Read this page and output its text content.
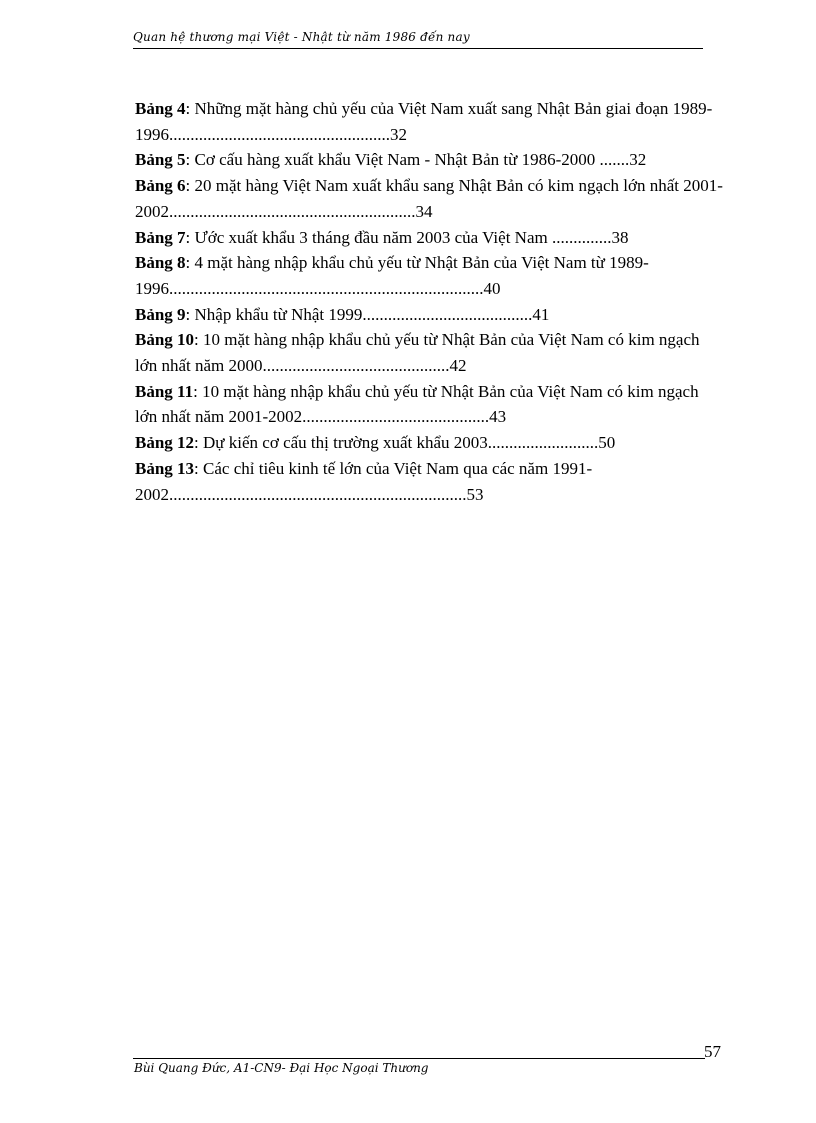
Quan hệ thương mại Việt - Nhật từ năm 1986 đến nay

Bảng 4: Những mặt hàng chủ yếu của Việt Nam xuất sang Nhật Bản giai đoạn 1989-1996....................................................32

Bảng 5: Cơ cấu hàng xuất khẩu Việt Nam - Nhật Bản từ 1986-2000 .......32

Bảng 6: 20 mặt hàng Việt Nam xuất khẩu sang Nhật Bản có kim ngạch lớn nhất 2001-2002..........................................................34

Bảng 7: Ước xuất khẩu 3 tháng đầu năm 2003 của Việt Nam ..............38

Bảng 8: 4 mặt hàng nhập khẩu chủ yếu từ Nhật Bản của Việt Nam từ 1989-1996..........................................................................40

Bảng 9: Nhập khẩu từ Nhật 1999........................................41

Bảng 10: 10 mặt hàng nhập khẩu chủ yếu từ Nhật Bản của Việt Nam có kim ngạch lớn nhất năm 2000............................................42

Bảng 11: 10 mặt hàng nhập khẩu chủ yếu từ Nhật Bản của Việt Nam có kim ngạch lớn nhất năm 2001-2002............................................43

Bảng 12: Dự kiến cơ cấu thị trường xuất khẩu 2003..........................50

Bảng 13: Các chỉ tiêu kinh tế lớn của Việt Nam qua các năm 1991-2002......................................................................53

57
Bùi Quang Đức, A1-CN9- Đại Học Ngoại Thương
